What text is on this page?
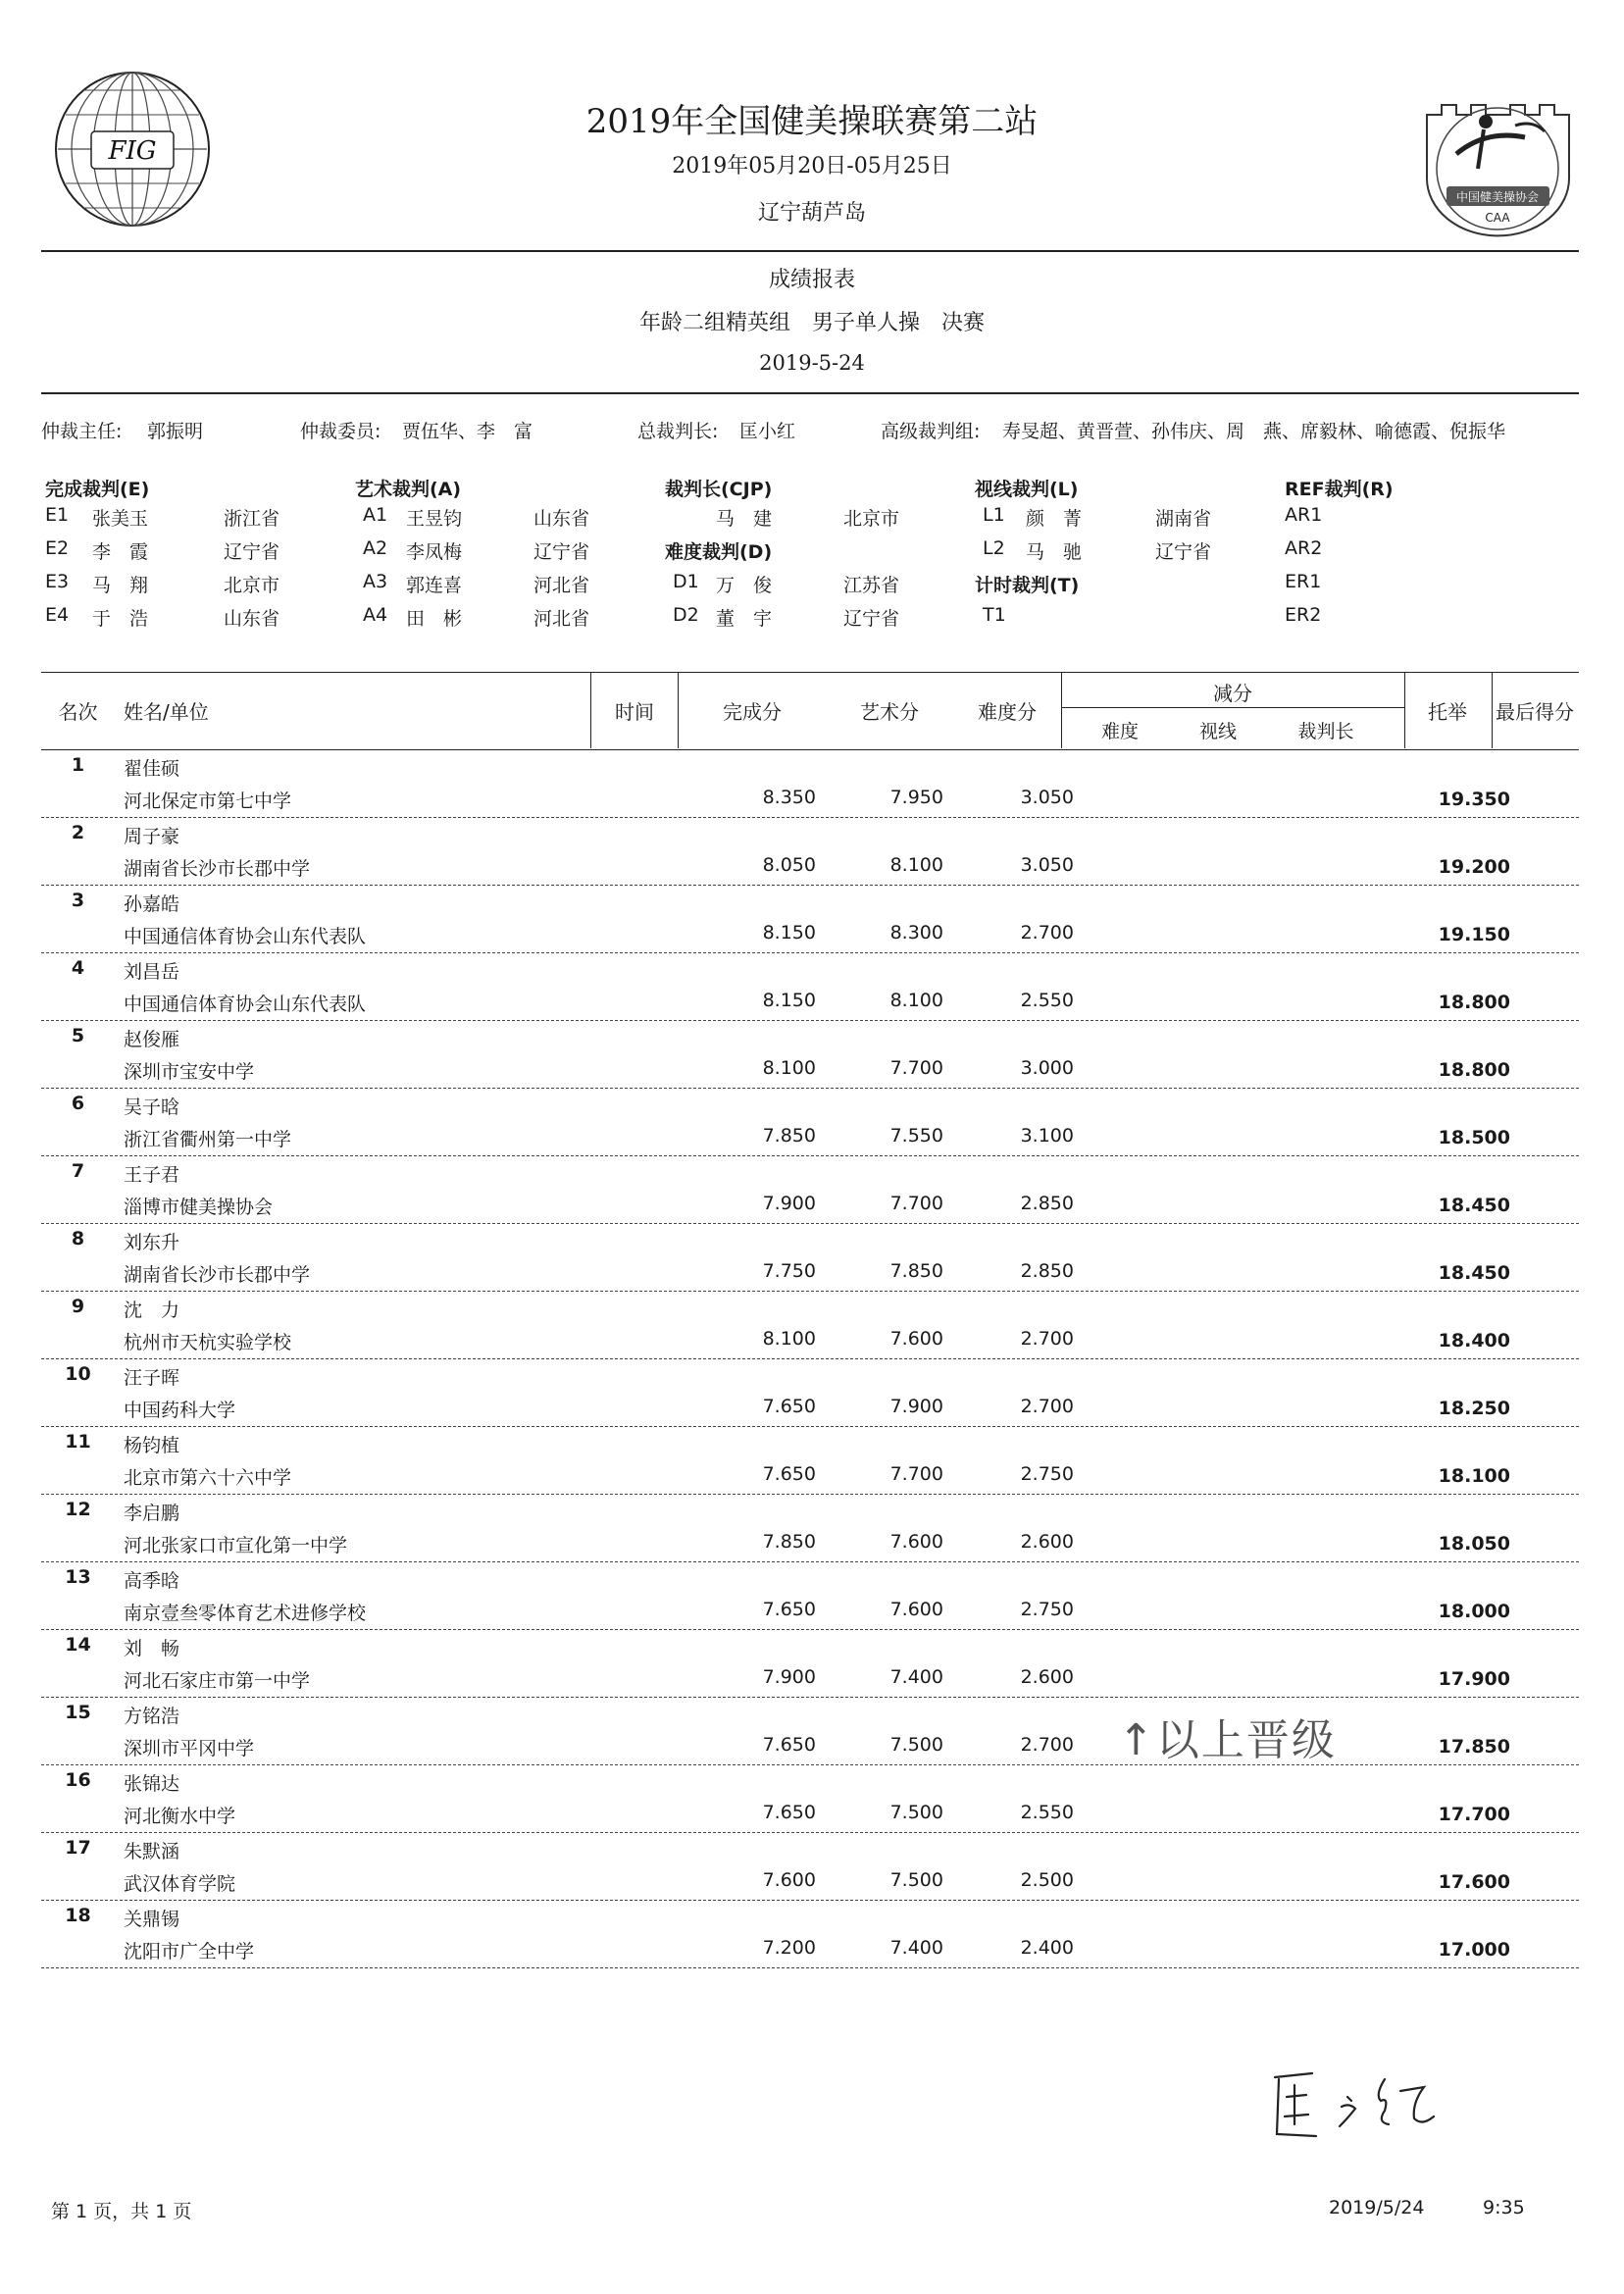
FIG
中国健美操协会
CAA
2019年全国健美操联赛第二站
2019年05月20日-05月25日
辽宁葫芦岛
成绩报表
年龄二组精英组　男子单人操　决赛
2019-5-24
仲裁主任: 郭振明	仲裁委员: 贾伍华、李　富	总裁判长: 匡小红	高级裁判组: 寿旻超、黄晋萱、孙伟庆、周　燕、席毅林、喻德霞、倪振华
完成裁判(E)
E1 张美玉	浙江省
E2 李　霞	辽宁省
E3 马　翔	北京市
E4 于　浩	山东省
艺术裁判(A)
A1 王昱钧	山东省
A2 李凤梅	辽宁省
A3 郭连喜	河北省
A4 田　彬	河北省
裁判长(CJP)
马　建	北京市
难度裁判(D)
D1 万　俊	江苏省
D2 董　宇	辽宁省
视线裁判(L)
L1 颜　菁	湖南省
L2 马　驰	辽宁省
计时裁判(T)
T1
REF裁判(R)
AR1
AR2
ER1
ER2
名次	姓名/单位	时间	完成分	艺术分	难度分
减分
难度	视线	裁判长
托举	最后得分
1	翟佳硕
河北保定市第七中学	8.350	7.950	3.050	19.350
2	周子豪
湖南省长沙市长郡中学	8.050	8.100	3.050	19.200
3	孙嘉皓
中国通信体育协会山东代表队	8.150	8.300	2.700	19.150
4	刘昌岳
中国通信体育协会山东代表队	8.150	8.100	2.550	18.800
5	赵俊雁
深圳市宝安中学	8.100	7.700	3.000	18.800
6	吴子晗
浙江省衢州第一中学	7.850	7.550	3.100	18.500
7	王子君
淄博市健美操协会	7.900	7.700	2.850	18.450
8	刘东升
湖南省长沙市长郡中学	7.750	7.850	2.850	18.450
9	沈　力
杭州市天杭实验学校	8.100	7.600	2.700	18.400
10	汪子晖
中国药科大学	7.650	7.900	2.700	18.250
11	杨钧植
北京市第六十六中学	7.650	7.700	2.750	18.100
12	李启鹏
河北张家口市宣化第一中学	7.850	7.600	2.600	18.050
13	高季晗
南京壹叁零体育艺术进修学校	7.650	7.600	2.750	18.000
14	刘　畅
河北石家庄市第一中学	7.900	7.400	2.600	17.900
15	方铭浩
深圳市平冈中学	7.650	7.500	2.700	17.850
16	张锦达
河北衡水中学	7.650	7.500	2.550	17.700
17	朱默涵
武汉体育学院	7.600	7.500	2.500	17.600
18	关鼎锡
沈阳市广全中学	7.200	7.400	2.400	17.000
↑以上晋级
第 1 页，共 1 页	2019/5/24	9:35
